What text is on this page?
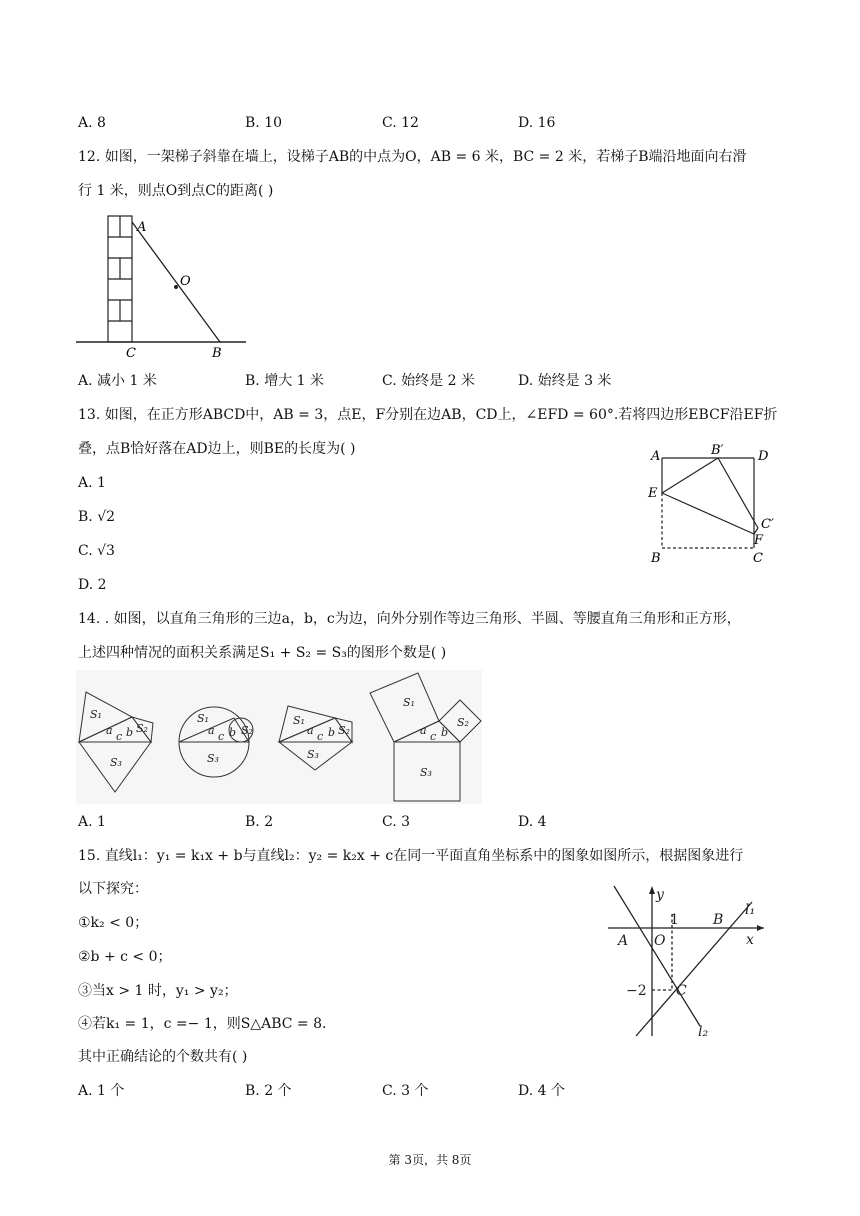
A. 8	B. 10	C. 12	D. 16
12. 如图，一架梯子斜靠在墙上，设梯子AB的中点为O，AB = 6 米，BC = 2 米，若梯子B端沿地面向右滑
行 1 米，则点O到点C的距离( )
A
O
C	B
A. 减小 1 米	B. 增大 1 米	C. 始终是 2 米	D. 始终是 3 米
13. 如图，在正方形ABCD中，AB = 3，点E，F分别在边AB，CD上，∠EFD = 60°.若将四边形EBCF沿EF折
叠，点B恰好落在AD边上，则BE的长度为( )
A. 1
B. √2
C. √3
D. 2
A	B′	D
E
C′
F
B	C
14. . 如图，以直角三角形的三边a，b，c为边，向外分别作等边三角形、半圆、等腰直角三角形和正方形，
上述四种情况的面积关系满足S₁ + S₂ = S₃的图形个数是( )
S₁
S₂
S₃
a c b
S₁
S₂
S₃
a c b
S₁
S₂
S₃
a c b
S₁
S₂
S₃
a c b
A. 1	B. 2	C. 3	D. 4
15. 直线l₁：y₁ = k₁x + b与直线l₂：y₂ = k₂x + c在同一平面直角坐标系中的图象如图所示，根据图象进行
以下探究：
①k₂ < 0；
②b + c < 0；
③当x > 1 时，y₁ > y₂；
④若k₁ = 1，c =− 1，则S△ABC = 8.
其中正确结论的个数共有( )
y
x
1 B
l₁
A O
−2 C
l₂
A. 1 个	B. 2 个	C. 3 个	D. 4 个
第 3页，共 8页
